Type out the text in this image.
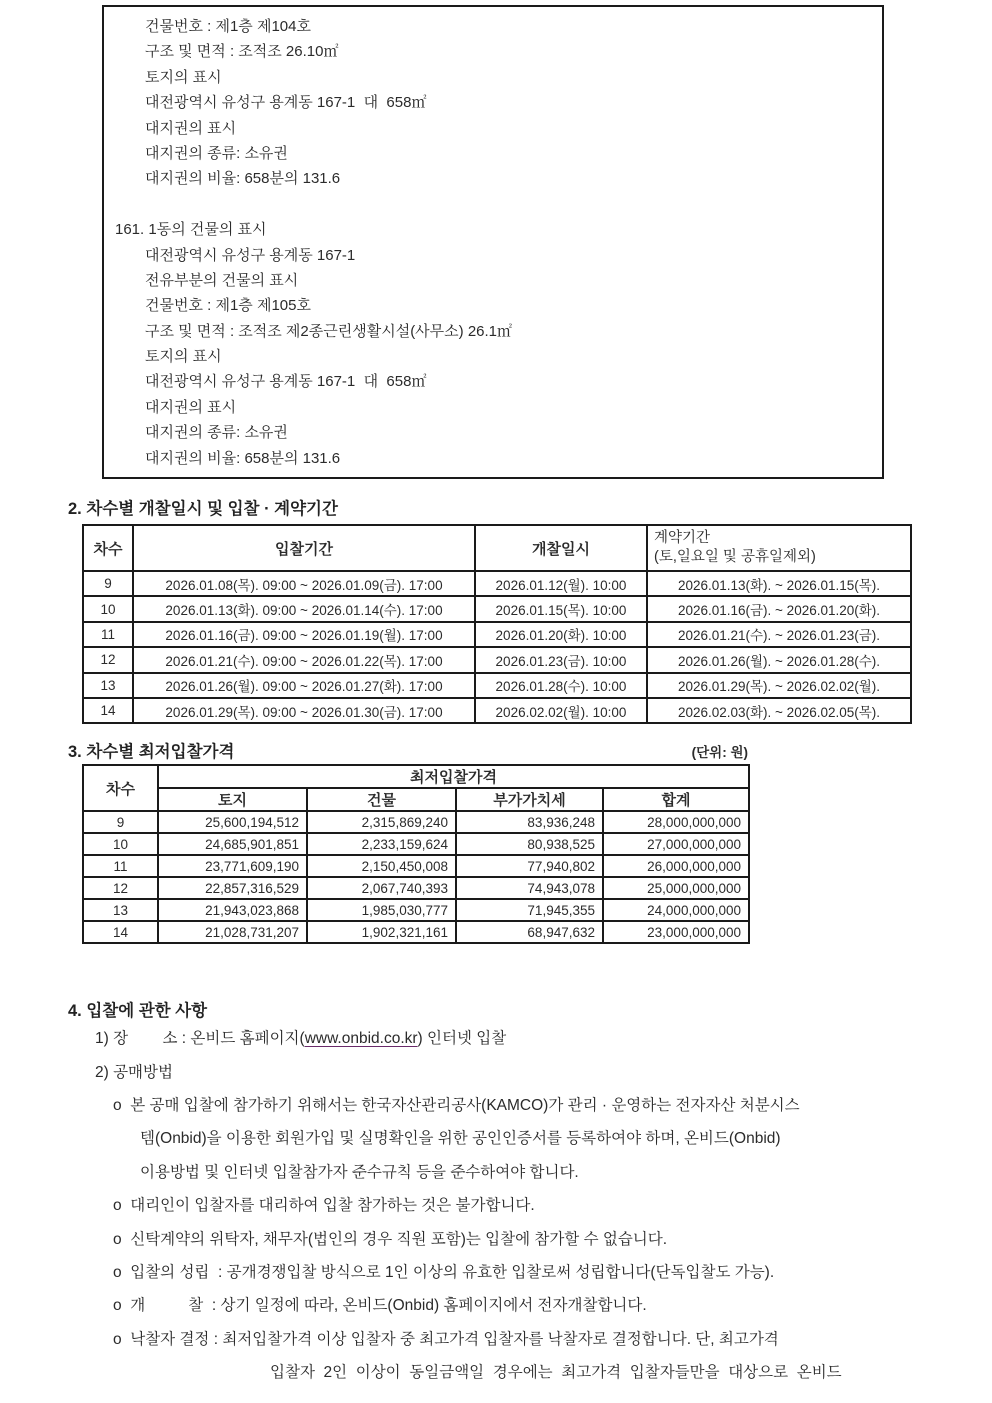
건물번호 : 제1층 제104호
구조 및 면적 : 조적조 26.10㎡
토지의 표시
대전광역시 유성구 용계동 167-1  대  658㎡
대지권의 표시
대지권의 종류: 소유권
대지권의 비율: 658분의 131.6
161. 1동의 건물의 표시
대전광역시 유성구 용계동 167-1
전유부분의 건물의 표시
건물번호 : 제1층 제105호
구조 및 면적 : 조적조 제2종근린생활시설(사무소) 26.1㎡
토지의 표시
대전광역시 유성구 용계동 167-1  대  658㎡
대지권의 표시
대지권의 종류: 소유권
대지권의 비율: 658분의 131.6
2. 차수별 개찰일시 및 입찰 · 계약기간
차수	입찰기간	개찰일시	계약기간
(토,일요일 및 공휴일제외)

9	2026.01.08(목). 09:00 ~ 2026.01.09(금). 17:00	2026.01.12(월). 10:00	2026.01.13(화). ~ 2026.01.15(목).
10	2026.01.13(화). 09:00 ~ 2026.01.14(수). 17:00	2026.01.15(목). 10:00	2026.01.16(금). ~ 2026.01.20(화).
11	2026.01.16(금). 09:00 ~ 2026.01.19(월). 17:00	2026.01.20(화). 10:00	2026.01.21(수). ~ 2026.01.23(금).
12	2026.01.21(수). 09:00 ~ 2026.01.22(목). 17:00	2026.01.23(금). 10:00	2026.01.26(월). ~ 2026.01.28(수).
13	2026.01.26(월). 09:00 ~ 2026.01.27(화). 17:00	2026.01.28(수). 10:00	2026.01.29(목). ~ 2026.02.02(월).
14	2026.01.29(목). 09:00 ~ 2026.01.30(금). 17:00	2026.02.02(월). 10:00	2026.02.03(화). ~ 2026.02.05(목).
3. 차수별 최저입찰가격	(단위: 원)
차수	최저입찰가격			
	토지	건물	부가가치세	합계
9	25,600,194,512	2,315,869,240	83,936,248	28,000,000,000
10	24,685,901,851	2,233,159,624	80,938,525	27,000,000,000
11	23,771,609,190	2,150,450,008	77,940,802	26,000,000,000
12	22,857,316,529	2,067,740,393	74,943,078	25,000,000,000
13	21,943,023,868	1,985,030,777	71,945,355	24,000,000,000
14	21,028,731,207	1,902,321,161	68,947,632	23,000,000,000
4. 입찰에 관한 사항
1) 장        소 : 온비드 홈페이지(www.onbid.co.kr) 인터넷 입찰
2) 공매방법
o  본 공매 입찰에 참가하기 위해서는 한국자산관리공사(KAMCO)가 관리 · 운영하는 전자자산 처분시스
템(Onbid)을 이용한 회원가입 및 실명확인을 위한 공인인증서를 등록하여야 하며, 온비드(Onbid)
이용방법 및 인터넷 입찰참가자 준수규칙 등을 준수하여야 합니다.
o  대리인이 입찰자를 대리하여 입찰 참가하는 것은 불가합니다.
o  신탁계약의 위탁자, 채무자(법인의 경우 직원 포함)는 입찰에 참가할 수 없습니다.
o  입찰의 성립  : 공개경쟁입찰 방식으로 1인 이상의 유효한 입찰로써 성립합니다(단독입찰도 가능).
o  개          찰  : 상기 일정에 따라, 온비드(Onbid) 홈페이지에서 전자개찰합니다.
o  낙찰자 결정 : 최저입찰가격 이상 입찰자 중 최고가격 입찰자를 낙찰자로 결정합니다. 단, 최고가격
입찰자  2인  이상이  동일금액일  경우에는  최고가격  입찰자들만을  대상으로  온비드
